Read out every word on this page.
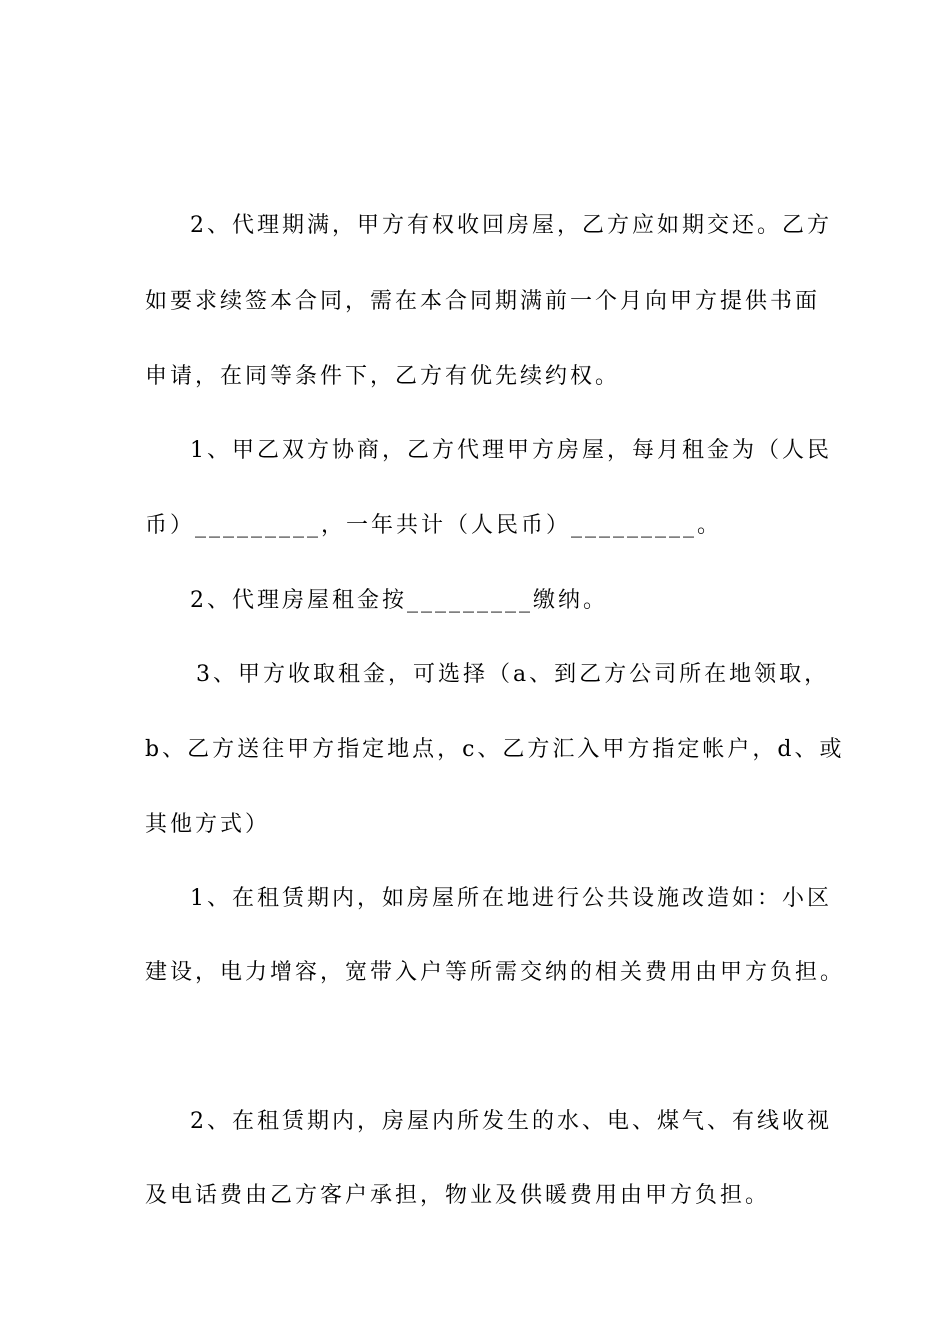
2、代理期满，甲方有权收回房屋，乙方应如期交还。乙方
如要求续签本合同，需在本合同期满前一个月向甲方提供书面
申请，在同等条件下，乙方有优先续约权。
1、甲乙双方协商，乙方代理甲方房屋，每月租金为（人民
币）_________，一年共计（人民币）_________。
2、代理房屋租金按_________缴纳。
3、甲方收取租金，可选择（a、到乙方公司所在地领取，
b、乙方送往甲方指定地点，c、乙方汇入甲方指定帐户，d、或
其他方式）
1、在租赁期内，如房屋所在地进行公共设施改造如：小区
建设，电力增容，宽带入户等所需交纳的相关费用由甲方负担。
2、在租赁期内，房屋内所发生的水、电、煤气、有线收视
及电话费由乙方客户承担，物业及供暖费用由甲方负担。
